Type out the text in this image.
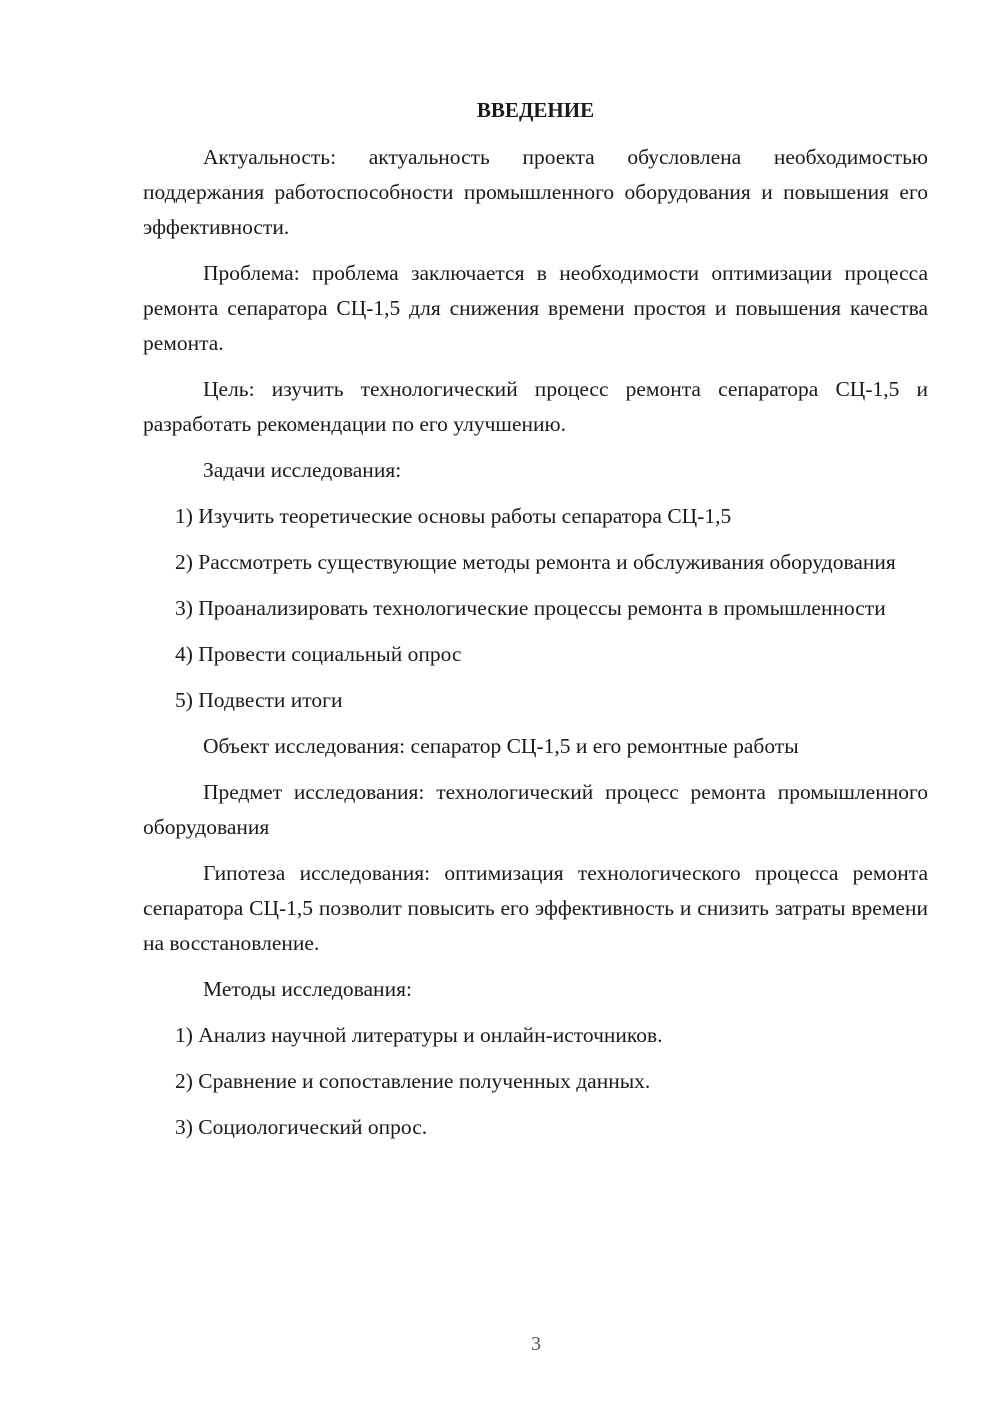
ВВЕДЕНИЕ

Актуальность: актуальность проекта обусловлена необходимостью поддержания работоспособности промышленного оборудования и повышения его эффективности.

Проблема: проблема заключается в необходимости оптимизации процесса ремонта сепаратора СЦ-1,5 для снижения времени простоя и повышения качества ремонта.

Цель: изучить технологический процесс ремонта сепаратора СЦ-1,5 и разработать рекомендации по его улучшению.

Задачи исследования:

1) Изучить теоретические основы работы сепаратора СЦ-1,5

2) Рассмотреть существующие методы ремонта и обслуживания оборудования

3) Проанализировать технологические процессы ремонта в промышленности

4) Провести социальный опрос

5) Подвести итоги

Объект исследования: сепаратор СЦ-1,5 и его ремонтные работы

Предмет исследования: технологический процесс ремонта промышленного оборудования

Гипотеза исследования: оптимизация технологического процесса ремонта сепаратора СЦ-1,5 позволит повысить его эффективность и снизить затраты времени на восстановление.

Методы исследования:

1) Анализ научной литературы и онлайн-источников.

2) Сравнение и сопоставление полученных данных.

3) Социологический опрос.

3
